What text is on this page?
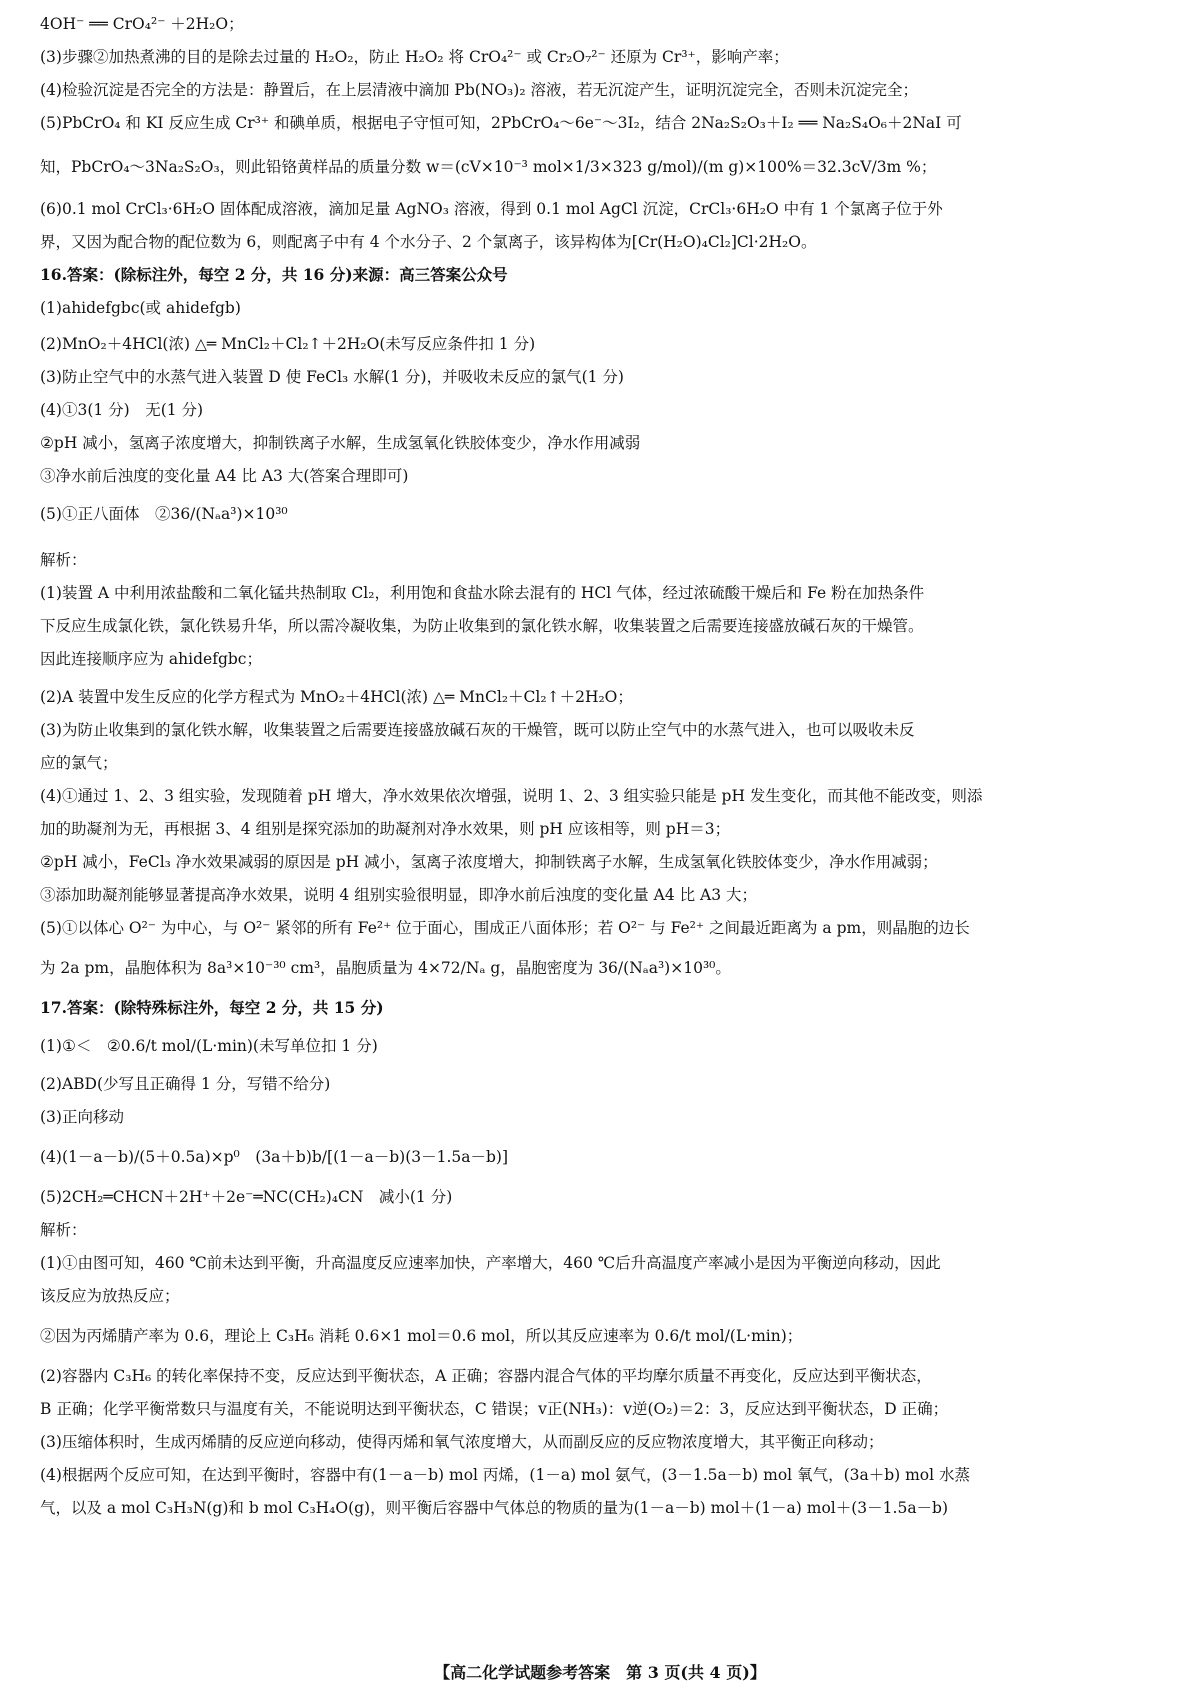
4OH⁻ ══ CrO₄²⁻ ＋2H₂O；
(3)步骤②加热煮沸的目的是除去过量的 H₂O₂，防止 H₂O₂ 将 CrO₄²⁻ 或 Cr₂O₇²⁻ 还原为 Cr³⁺，影响产率；
(4)检验沉淀是否完全的方法是：静置后，在上层清液中滴加 Pb(NO₃)₂ 溶液，若无沉淀产生，证明沉淀完全，否则未沉淀完全；
(5)PbCrO₄ 和 KI 反应生成 Cr³⁺ 和碘单质，根据电子守恒可知，2PbCrO₄～6e⁻～3I₂，结合 2Na₂S₂O₃＋I₂ ══ Na₂S₄O₆＋2NaI 可
知，PbCrO₄～3Na₂S₂O₃，则此铅铬黄样品的质量分数 w＝(cV×10⁻³ mol×1/3×323 g/mol)/(m g)×100%＝32.3cV/3m %；
(6)0.1 mol CrCl₃·6H₂O 固体配成溶液，滴加足量 AgNO₃ 溶液，得到 0.1 mol AgCl 沉淀，CrCl₃·6H₂O 中有 1 个氯离子位于外
界，又因为配合物的配位数为 6，则配离子中有 4 个水分子、2 个氯离子，该异构体为[Cr(H₂O)₄Cl₂]Cl·2H₂O。
16.答案：(除标注外，每空 2 分，共 16 分)来源：高三答案公众号
(1)ahidefgbc(或 ahidefgb)
(2)MnO₂＋4HCl(浓) △═ MnCl₂＋Cl₂↑＋2H₂O(未写反应条件扣 1 分)
(3)防止空气中的水蒸气进入装置 D 使 FeCl₃ 水解(1 分)，并吸收未反应的氯气(1 分)
(4)①3(1 分)　无(1 分)
②pH 减小，氢离子浓度增大，抑制铁离子水解，生成氢氧化铁胶体变少，净水作用减弱
③净水前后浊度的变化量 A4 比 A3 大(答案合理即可)
(5)①正八面体　②36/(Nₐa³)×10³⁰
解析：
(1)装置 A 中利用浓盐酸和二氧化锰共热制取 Cl₂，利用饱和食盐水除去混有的 HCl 气体，经过浓硫酸干燥后和 Fe 粉在加热条件
下反应生成氯化铁，氯化铁易升华，所以需冷凝收集，为防止收集到的氯化铁水解，收集装置之后需要连接盛放碱石灰的干燥管。
因此连接顺序应为 ahidefgbc；
(2)A 装置中发生反应的化学方程式为 MnO₂＋4HCl(浓) △═ MnCl₂＋Cl₂↑＋2H₂O；
(3)为防止收集到的氯化铁水解，收集装置之后需要连接盛放碱石灰的干燥管，既可以防止空气中的水蒸气进入，也可以吸收未反
应的氯气；
(4)①通过 1、2、3 组实验，发现随着 pH 增大，净水效果依次增强，说明 1、2、3 组实验只能是 pH 发生变化，而其他不能改变，则添
加的助凝剂为无，再根据 3、4 组别是探究添加的助凝剂对净水效果，则 pH 应该相等，则 pH＝3；
②pH 减小，FeCl₃ 净水效果减弱的原因是 pH 减小，氢离子浓度增大，抑制铁离子水解，生成氢氧化铁胶体变少，净水作用减弱；
③添加助凝剂能够显著提高净水效果，说明 4 组别实验很明显，即净水前后浊度的变化量 A4 比 A3 大；
(5)①以体心 O²⁻ 为中心，与 O²⁻ 紧邻的所有 Fe²⁺ 位于面心，围成正八面体形；若 O²⁻ 与 Fe²⁺ 之间最近距离为 a pm，则晶胞的边长
为 2a pm，晶胞体积为 8a³×10⁻³⁰ cm³，晶胞质量为 4×72/Nₐ g，晶胞密度为 36/(Nₐa³)×10³⁰。
17.答案：(除特殊标注外，每空 2 分，共 15 分)
(1)①＜　②0.6/t mol/(L·min)(未写单位扣 1 分)
(2)ABD(少写且正确得 1 分，写错不给分)
(3)正向移动
(4)(1－a－b)/(5＋0.5a)×p⁰　(3a＋b)b/[(1－a－b)(3－1.5a－b)]
(5)2CH₂═CHCN＋2H⁺＋2e⁻═NC(CH₂)₄CN　减小(1 分)
解析：
(1)①由图可知，460 ℃前未达到平衡，升高温度反应速率加快，产率增大，460 ℃后升高温度产率减小是因为平衡逆向移动，因此
该反应为放热反应；
②因为丙烯腈产率为 0.6，理论上 C₃H₆ 消耗 0.6×1 mol＝0.6 mol，所以其反应速率为 0.6/t mol/(L·min)；
(2)容器内 C₃H₆ 的转化率保持不变，反应达到平衡状态，A 正确；容器内混合气体的平均摩尔质量不再变化，反应达到平衡状态，
B 正确；化学平衡常数只与温度有关，不能说明达到平衡状态，C 错误；v正(NH₃)：v逆(O₂)＝2：3，反应达到平衡状态，D 正确；
(3)压缩体积时，生成丙烯腈的反应逆向移动，使得丙烯和氧气浓度增大，从而副反应的反应物浓度增大，其平衡正向移动；
(4)根据两个反应可知，在达到平衡时，容器中有(1－a－b) mol 丙烯，(1－a) mol 氨气，(3－1.5a－b) mol 氧气，(3a＋b) mol 水蒸
气，以及 a mol C₃H₃N(g)和 b mol C₃H₄O(g)，则平衡后容器中气体总的物质的量为(1－a－b) mol＋(1－a) mol＋(3－1.5a－b)
【高二化学试题参考答案　第 3 页(共 4 页)】
